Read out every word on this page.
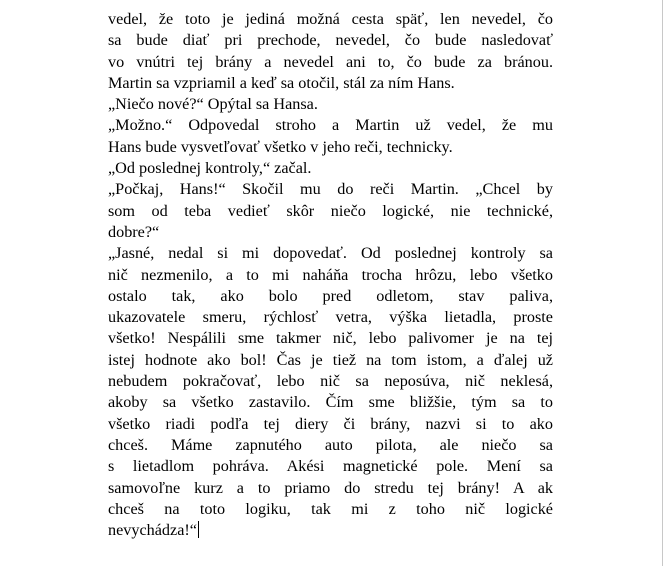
vedel, že toto je jediná možná cesta späť, len nevedel, čo
sa bude diať pri prechode, nevedel, čo bude nasledovať
vo vnútri tej brány a nevedel ani to, čo bude za bránou.
Martin sa vzpriamil a keď sa otočil, stál za ním Hans.
„Niečo nové?“ Opýtal sa Hansa.
„Možno.“ Odpovedal stroho a Martin už vedel, že mu
Hans bude vysvetľovať všetko v jeho reči, technicky.
„Od poslednej kontroly,“ začal.
„Počkaj, Hans!“ Skočil mu do reči Martin. „Chcel by
som od teba vedieť skôr niečo logické, nie technické,
dobre?“
„Jasné, nedal si mi dopovedať. Od poslednej kontroly sa
nič nezmenilo, a to mi naháňa trocha hrôzu, lebo všetko
ostalo tak, ako bolo pred odletom, stav paliva,
ukazovatele smeru, rýchlosť vetra, výška lietadla, proste
všetko! Nespálili sme takmer nič, lebo palivomer je na tej
istej hodnote ako bol! Čas je tiež na tom istom, a ďalej už
nebudem pokračovať, lebo nič sa neposúva, nič neklesá,
akoby sa všetko zastavilo. Čím sme bližšie, tým sa to
všetko riadi podľa tej diery či brány, nazvi si to ako
chceš. Máme zapnutého auto pilota, ale niečo sa
s lietadlom pohráva. Akési magnetické pole. Mení sa
samovoľne kurz a to priamo do stredu tej brány! A ak
chceš na toto logiku, tak mi z toho nič logické
nevychádza!“
